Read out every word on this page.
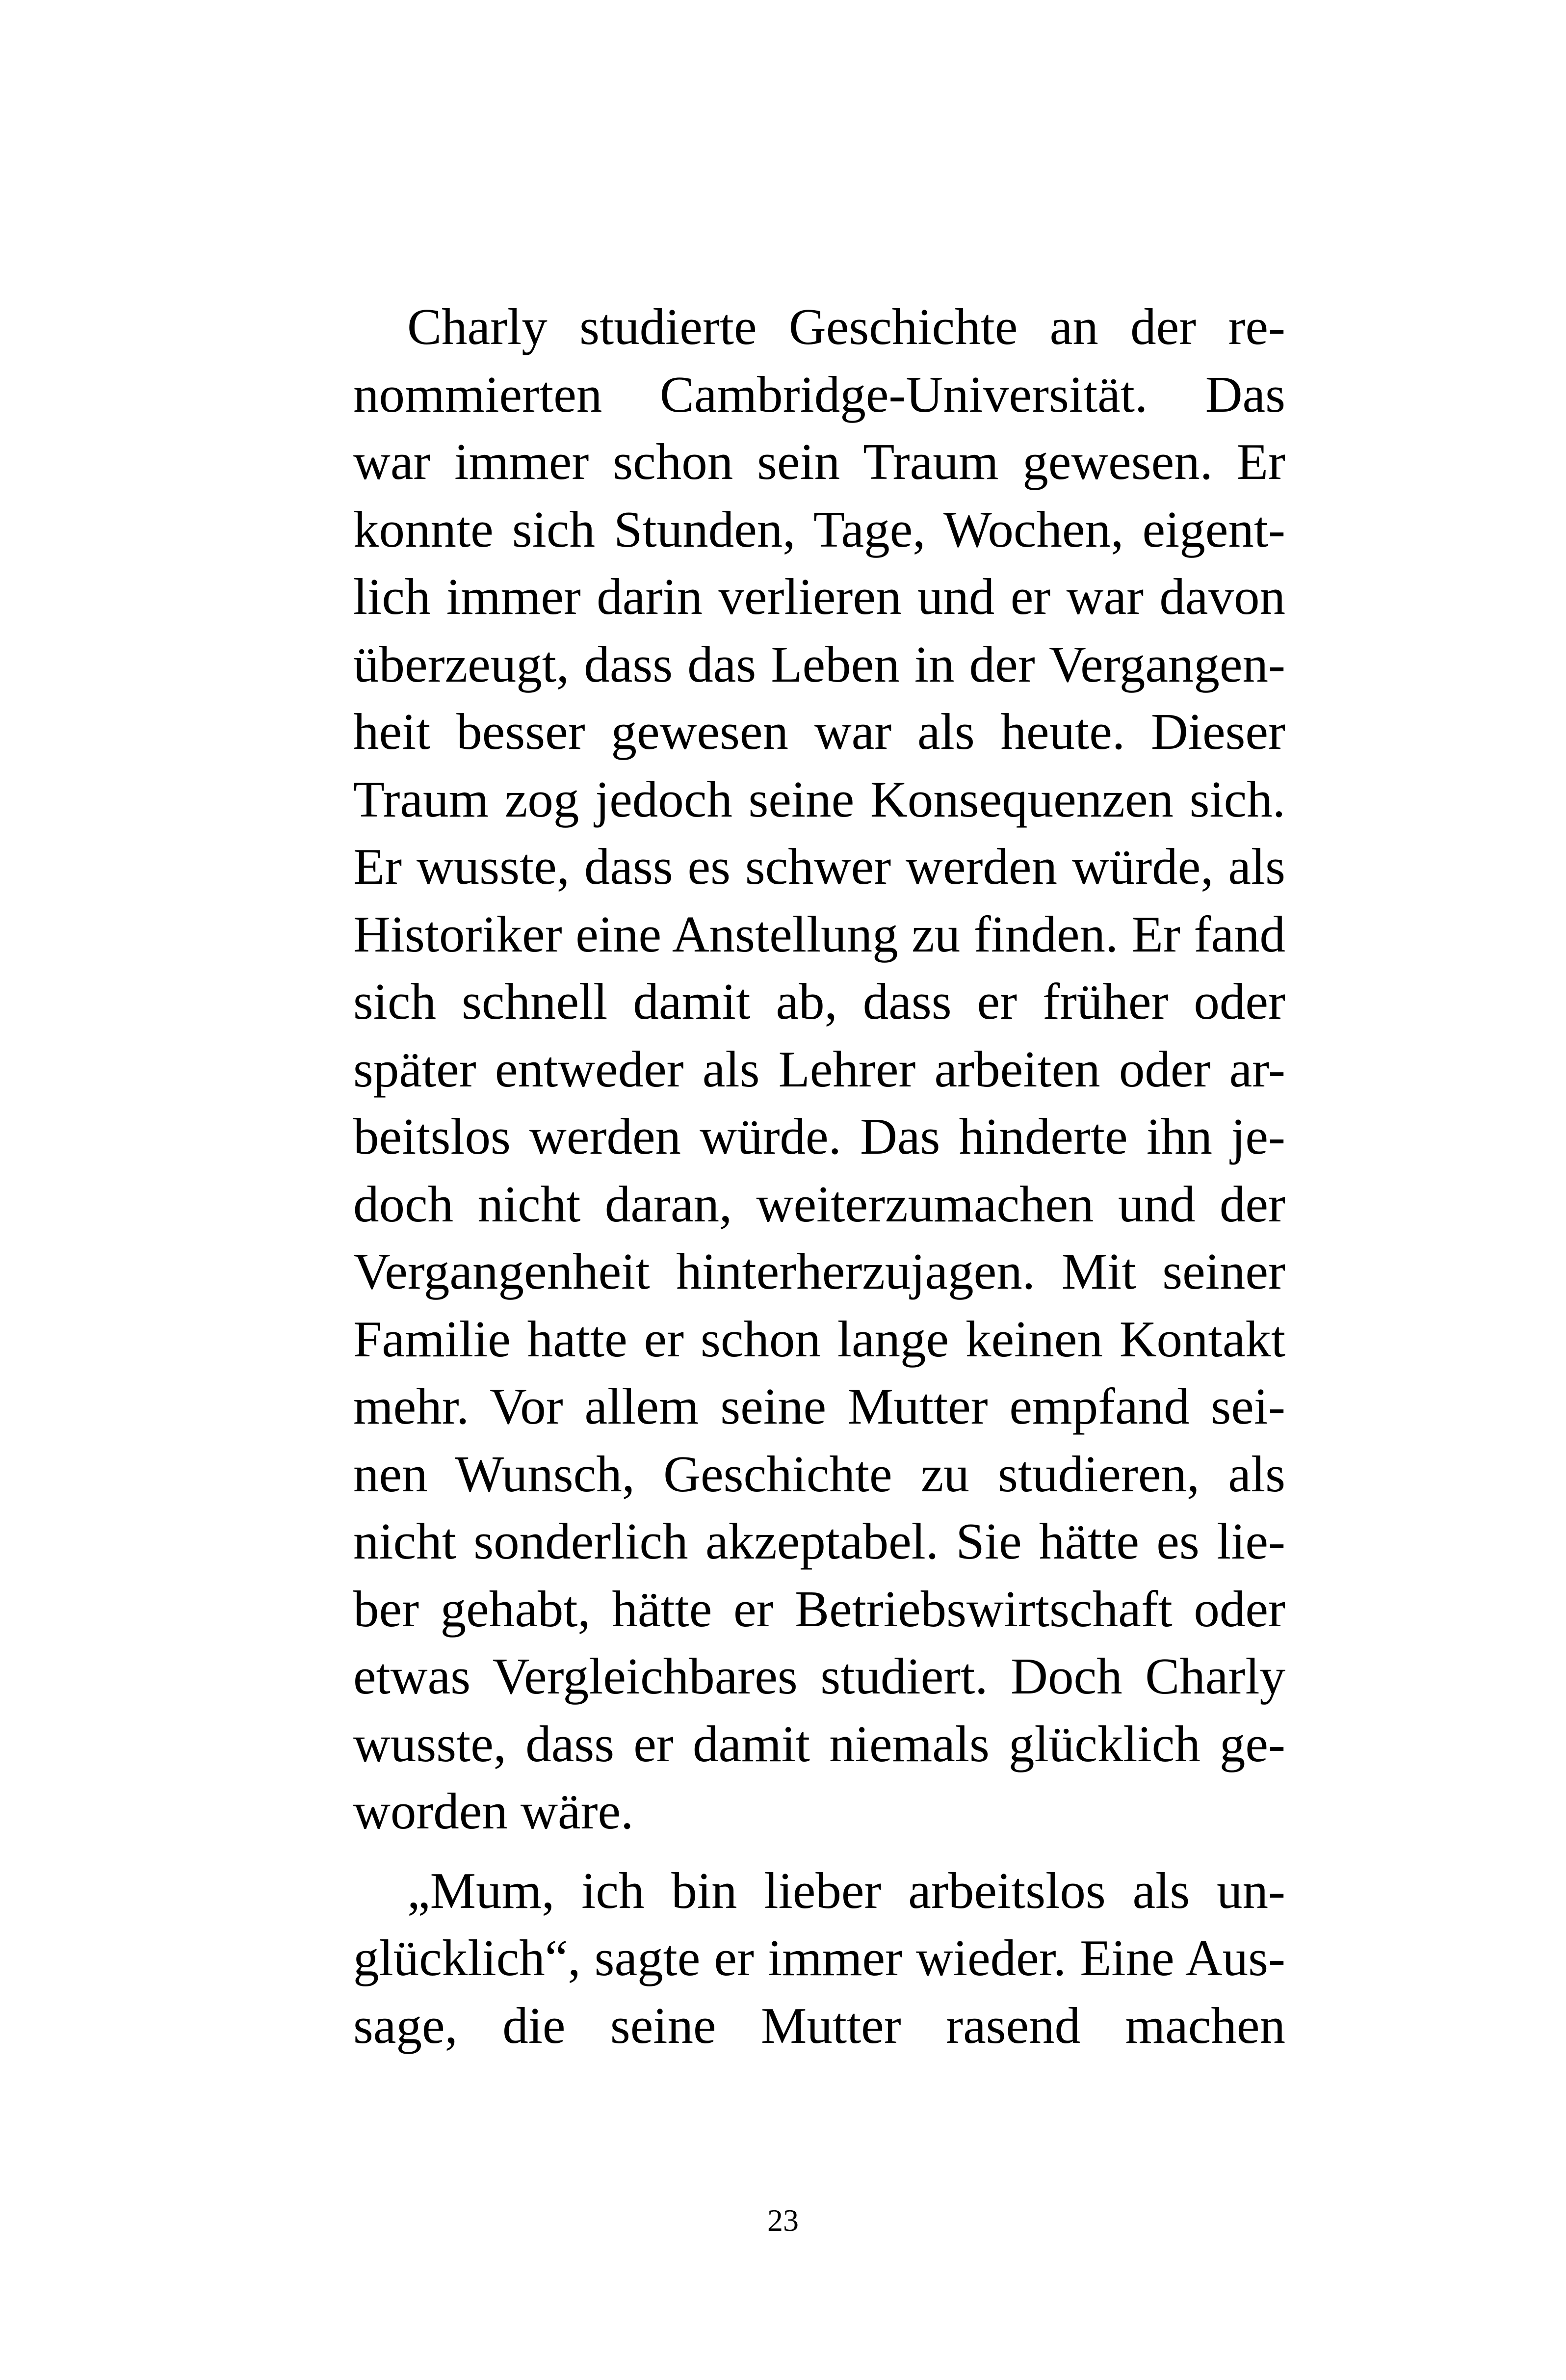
Charly studierte Geschichte an der re-
nommierten Cambridge-Universität. Das
war immer schon sein Traum gewesen. Er
konnte sich Stunden, Tage, Wochen, eigent-
lich immer darin verlieren und er war davon
überzeugt, dass das Leben in der Vergangen-
heit besser gewesen war als heute. Dieser
Traum zog jedoch seine Konsequenzen sich.
Er wusste, dass es schwer werden würde, als
Historiker eine Anstellung zu finden. Er fand
sich schnell damit ab, dass er früher oder
später entweder als Lehrer arbeiten oder ar-
beitslos werden würde. Das hinderte ihn je-
doch nicht daran, weiterzumachen und der
Vergangenheit hinterherzujagen. Mit seiner
Familie hatte er schon lange keinen Kontakt
mehr. Vor allem seine Mutter empfand sei-
nen Wunsch, Geschichte zu studieren, als
nicht sonderlich akzeptabel. Sie hätte es lie-
ber gehabt, hätte er Betriebswirtschaft oder
etwas Vergleichbares studiert. Doch Charly
wusste, dass er damit niemals glücklich ge-
worden wäre.
„Mum, ich bin lieber arbeitslos als un-
glücklich“, sagte er immer wieder. Eine Aus-
sage, die seine Mutter rasend machen
23
